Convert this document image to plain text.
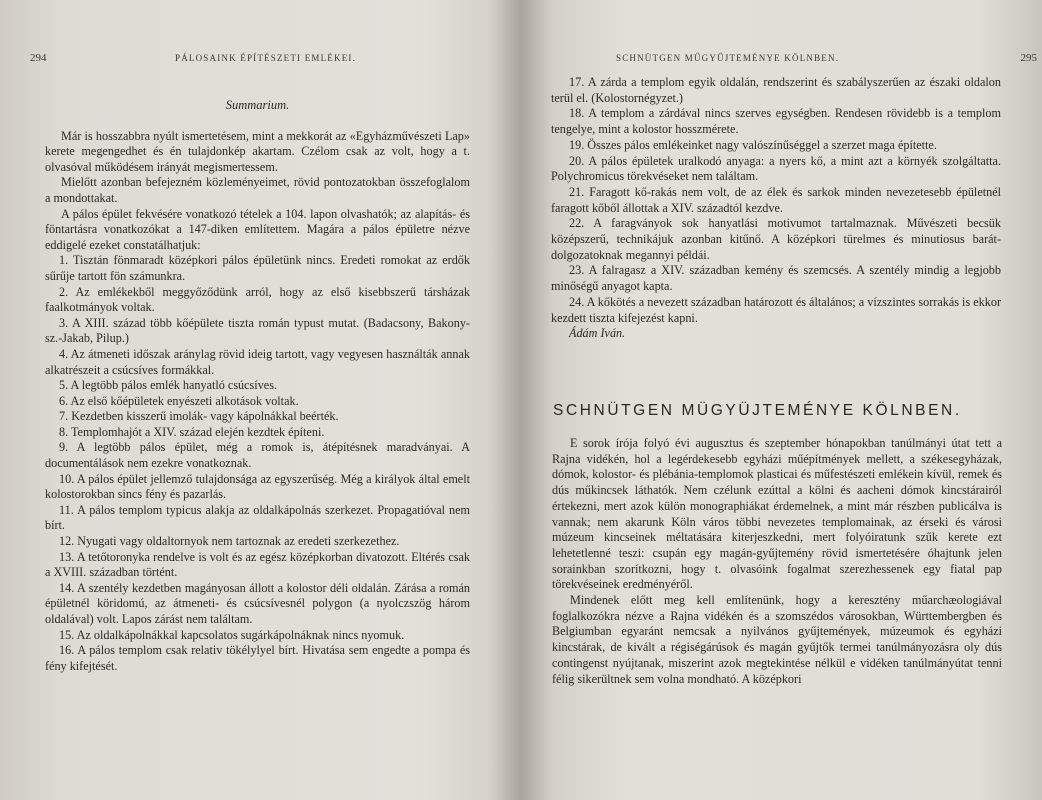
294	PÁLOSAINK ÉPÍTÉSZETI EMLÉKEI.
Summarium.

Már is hosszabbra nyúlt ismertetésem, mint a mekkorát az «Egyházművészeti Lap» kerete megengedhet és én tulajdonkép akartam. Czélom csak az volt, hogy a t. olvasóval működésem irányát megismertessem.

Mielőtt azonban befejezném közleményeimet, rövid pontozatokban összefoglalom a mondottakat.

A pálos épület fekvésére vonatkozó tételek a 104. lapon olvashatók; az alapítás- és föntartásra vonatkozókat a 147-diken említettem. Magára a pálos épületre nézve eddigelé ezeket constatálhatjuk:

1. Tisztán fönmaradt középkori pálos épületünk nincs. Eredeti romokat az erdők sűrűje tartott fön számunkra.

2. Az emlékekből meggyőződünk arról, hogy az első kisebbszerű társházak faalkotmányok voltak.

3. A XIII. század több kőépülete tiszta román typust mutat. (Badacsony, Bakony-sz.-Jakab, Pilup.)

4. Az átmeneti időszak aránylag rövid ideig tartott, vagy vegyesen használták annak alkatrészeit a csúcsíves formákkal.

5. A legtöbb pálos emlék hanyatló csúcsíves.

6. Az első kőépületek enyészeti alkotások voltak.

7. Kezdetben kisszerű imolák- vagy kápolnákkal beérték.

8. Templomhajót a XIV. század elején kezdtek építeni.

9. A legtöbb pálos épület, még a romok is, átépítésnek maradványai. A documentálások nem ezekre vonatkoznak.

10. A pálos épület jellemző tulajdonsága az egyszerűség. Még a királyok által emelt kolostorokban sincs fény és pazarlás.

11. A pálos templom typicus alakja az oldalkápolnás szerkezet. Propagatióval nem bírt.

12. Nyugati vagy oldaltornyok nem tartoznak az eredeti szerkezethez.

13. A tetőtoronyka rendelve is volt és az egész középkorban divatozott. Eltérés csak a XVIII. században történt.

14. A szentély kezdetben magányosan állott a kolostor déli oldalán. Zárása a román épületnél köridomú, az átmeneti- és csúcsívesnél polygon (a nyolczszög három oldalával) volt. Lapos zárást nem találtam.

15. Az oldalkápolnákkal kapcsolatos sugárkápolnáknak nincs nyomuk.

16. A pálos templom csak relativ tökélylyel bírt. Hivatása sem engedte a pompa és fény kifejtését.

SCHNÜTGEN MŰGYŰJTEMÉNYE KÖLNBEN.	295

17. A zárda a templom egyik oldalán, rendszerint és szabályszerűen az északi oldalon terül el. (Kolostornégyzet.)

18. A templom a zárdával nincs szerves egységben. Rendesen rövidebb is a templom tengelye, mint a kolostor hosszmérete.

19. Összes pálos emlékeinket nagy valószínűséggel a szerzet maga építette.

20. A pálos épületek uralkodó anyaga: a nyers kő, a mint azt a környék szolgáltatta. Polychromicus törekvéseket nem találtam.

21. Faragott kő-rakás nem volt, de az élek és sarkok minden nevezetesebb épületnél faragott kőből állottak a XIV. századtól kezdve.

22. A faragványok sok hanyatlási motivumot tartalmaznak. Művészeti becsük középszerű, technikájuk azonban kitűnő. A középkori türelmes és minutiosus barát-dolgozatoknak megannyi példái.

23. A falragasz a XIV. században kemény és szemcsés. A szentély mindig a legjobb minőségű anyagot kapta.

24. A kőkötés a nevezett században határozott és általános; a vízszintes sorrakás is ekkor kezdett tiszta kifejezést kapni.

Ádám Iván.

SCHNÜTGEN MÜGYÜJTEMÉNYE KÖLNBEN.

E sorok írója folyó évi augusztus és szeptember hónapokban tanúlmányi útat tett a Rajna vidékén, hol a legérdekesebb egyházi műépítmények mellett, a székesegyházak, dómok, kolostor- és plébánia-templomok plasticai és műfestészeti emlékein kívül, remek és dús műkincsek láthatók. Nem czélunk ezúttal a kölni és aacheni dómok kincstárairól értekezni, mert azok külön monographiákat érdemelnek, a mint már részben publicálva is vannak; nem akarunk Köln város többi nevezetes templomainak, az érseki és városi múzeum kincseinek méltatására kiterjeszkedni, mert folyóiratunk szűk kerete ezt lehetetlenné teszi: csupán egy magán-gyűjtemény rövid ismertetésére óhajtunk jelen sorainkban szorítkozni, hogy t. olvasóink fogalmat szerezhessenek egy fiatal pap törekvéseinek eredményéről.

Mindenek előtt meg kell említenünk, hogy a keresztény műarchæologiával foglalkozókra nézve a Rajna vidékén és a szomszédos városokban, Württembergben és Belgiumban egyaránt nemcsak a nyilvános gyűjtemények, múzeumok és egyházi kincstárak, de kivált a régiségárúsok és magán gyűjtők termei tanúlmányozásra oly dús contingenst nyújtanak, miszerint azok megtekintése nélkül e vidéken tanúlmányútat tenni félig sikerültnek sem volna mondható. A középkori
